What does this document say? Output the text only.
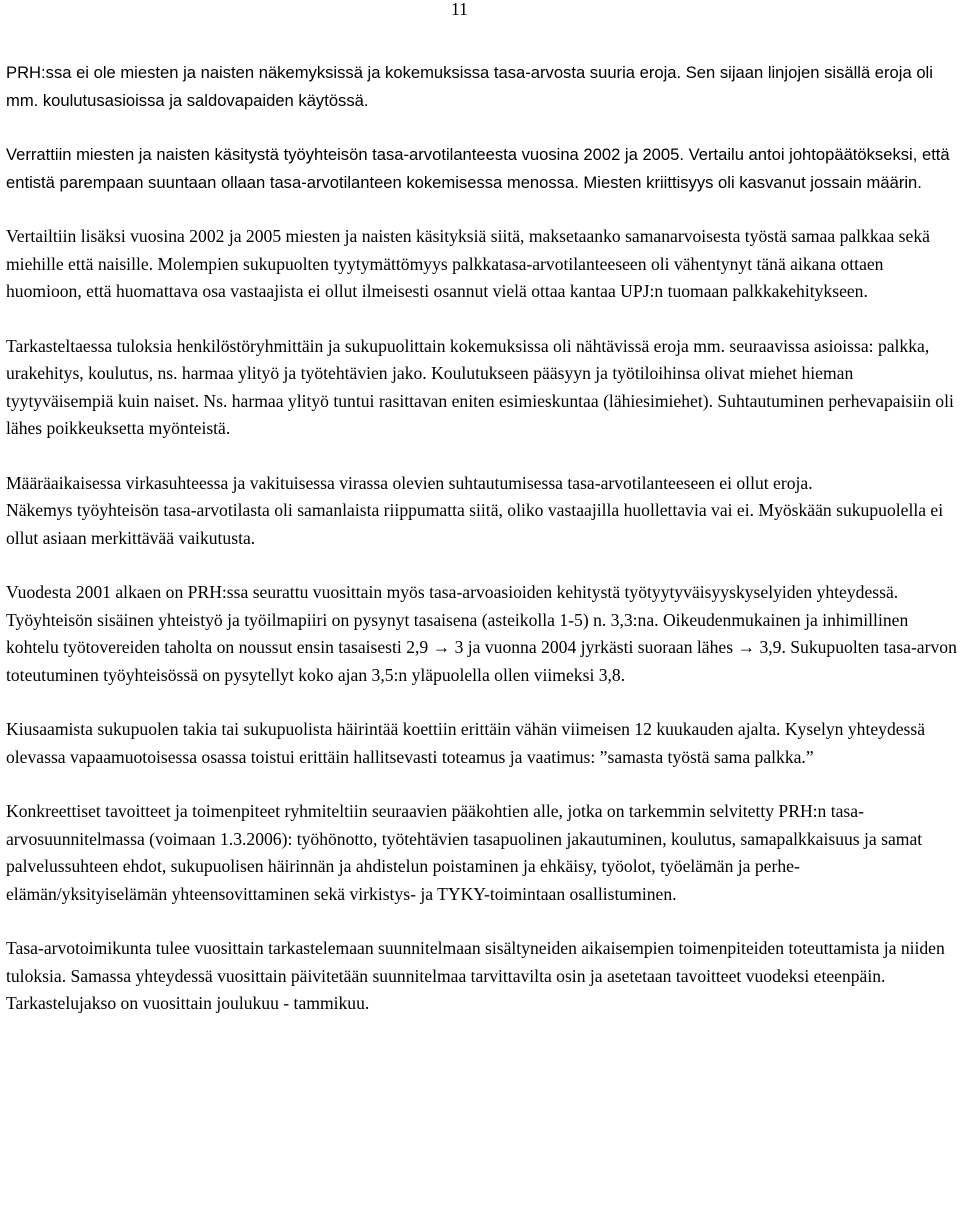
11

PRH:ssa ei ole miesten ja naisten näkemyksissä ja kokemuksissa tasa-arvosta suuria eroja. Sen sijaan linjojen sisällä eroja oli mm. koulutusasioissa ja saldovapaiden käytössä.

Verrattiin miesten ja naisten käsitystä työyhteisön tasa-arvotilanteesta vuosina 2002 ja 2005. Vertailu antoi johtopäätökseksi, että entistä parempaan suuntaan ollaan tasa-arvotilanteen kokemisessa menossa. Miesten kriittisyys oli kasvanut jossain määrin.

Vertailtiin lisäksi vuosina 2002 ja 2005 miesten ja naisten käsityksiä siitä, maksetaanko samanarvoisesta työstä samaa palkkaa sekä miehille että naisille. Molempien sukupuolten tyytymättömyys palkkatasa-arvotilanteeseen oli vähentynyt tänä aikana ottaen huomioon, että huomattava osa vastaajista ei ollut ilmeisesti osannut vielä ottaa kantaa UPJ:n tuomaan palkkakehitykseen.

Tarkasteltaessa tuloksia henkilöstöryhmittäin ja sukupuolittain kokemuksissa oli nähtävissä eroja mm. seuraavissa asioissa: palkka, urakehitys, koulutus, ns. harmaa ylityö ja työtehtävien jako. Koulutukseen pääsyyn ja työtiloihinsa olivat miehet hieman tyytyväisempiä kuin naiset. Ns. harmaa ylityö tuntui rasittavan eniten esimieskuntaa (lähiesimiehet). Suhtautuminen perhevapaisiin oli lähes poikkeuksetta myönteistä.

Määräaikaisessa virkasuhteessa ja vakituisessa virassa olevien suhtautumisessa tasa-arvotilanteeseen ei ollut eroja.

Näkemys työyhteisön tasa-arvotilasta oli samanlaista riippumatta siitä, oliko vastaajilla huollettavia vai ei. Myöskään sukupuolella ei ollut asiaan merkittävää vaikutusta.

Vuodesta 2001 alkaen on PRH:ssa seurattu vuosittain myös tasa-arvoasioiden kehitystä työtyytyväisyyskyselyiden yhteydessä. Työyhteisön sisäinen yhteistyö ja työilmapiiri on pysynyt tasaisena (asteikolla 1-5) n. 3,3:na. Oikeudenmukainen ja inhimillinen kohtelu työtovereiden taholta on noussut ensin tasaisesti 2,9 → 3 ja vuonna 2004 jyrkästi suoraan lähes → 3,9. Sukupuolten tasa-arvon toteutuminen työyhteisössä on pysytellyt koko ajan 3,5:n yläpuolella ollen viimeksi 3,8.

Kiusaamista sukupuolen takia tai sukupuolista häirintää koettiin erittäin vähän viimeisen 12 kuukauden ajalta. Kyselyn yhteydessä olevassa vapaamuotoisessa osassa toistui erittäin hallitsevasti toteamus ja vaatimus: ”samasta työstä sama palkka.”

Konkreettiset tavoitteet ja toimenpiteet ryhmiteltiin seuraavien pääkohtien alle, jotka on tarkemmin selvitetty PRH:n tasa-arvosuunnitelmassa (voimaan 1.3.2006): työhönotto, työtehtävien tasapuolinen jakautuminen, koulutus, samapalkkaisuus ja samat palvelussuhteen ehdot, sukupuolisen häirinnän ja ahdistelun poistaminen ja ehkäisy, työolot, työelämän ja perhe-elämän/yksityiselämän yhteensovittaminen sekä virkistys- ja TYKY-toimintaan osallistuminen.

Tasa-arvotoimikunta tulee vuosittain tarkastelemaan suunnitelmaan sisältyneiden aikaisempien toimenpiteiden toteuttamista ja niiden tuloksia. Samassa yhteydessä vuosittain päivitetään suunnitelmaa tarvittavilta osin ja asetetaan tavoitteet vuodeksi eteenpäin. Tarkastelujakso on vuosittain joulukuu - tammikuu.
